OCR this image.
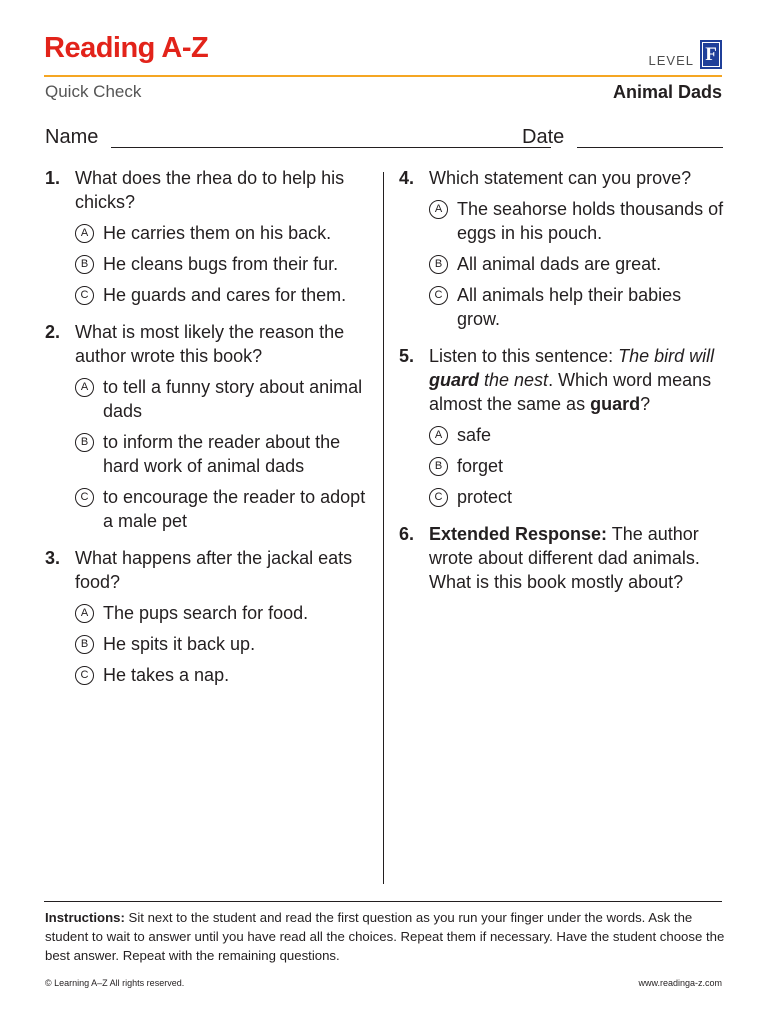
Reading A-Z	LEVEL F
Quick Check	Animal Dads
Name	Date
1. What does the rhea do to help his chicks?
A He carries them on his back.
B He cleans bugs from their fur.
C He guards and cares for them.
2. What is most likely the reason the author wrote this book?
A to tell a funny story about animal dads
B to inform the reader about the hard work of animal dads
C to encourage the reader to adopt a male pet
3. What happens after the jackal eats food?
A The pups search for food.
B He spits it back up.
C He takes a nap.
4. Which statement can you prove?
A The seahorse holds thousands of eggs in his pouch.
B All animal dads are great.
C All animals help their babies grow.
5. Listen to this sentence: The bird will guard the nest. Which word means almost the same as guard?
A safe
B forget
C protect
6. Extended Response: The author wrote about different dad animals. What is this book mostly about?
Instructions: Sit next to the student and read the first question as you run your finger under the words. Ask the student to wait to answer until you have read all the choices. Repeat them if necessary. Have the student choose the best answer. Repeat with the remaining questions.
© Learning A–Z All rights reserved.	www.readinga-z.com
